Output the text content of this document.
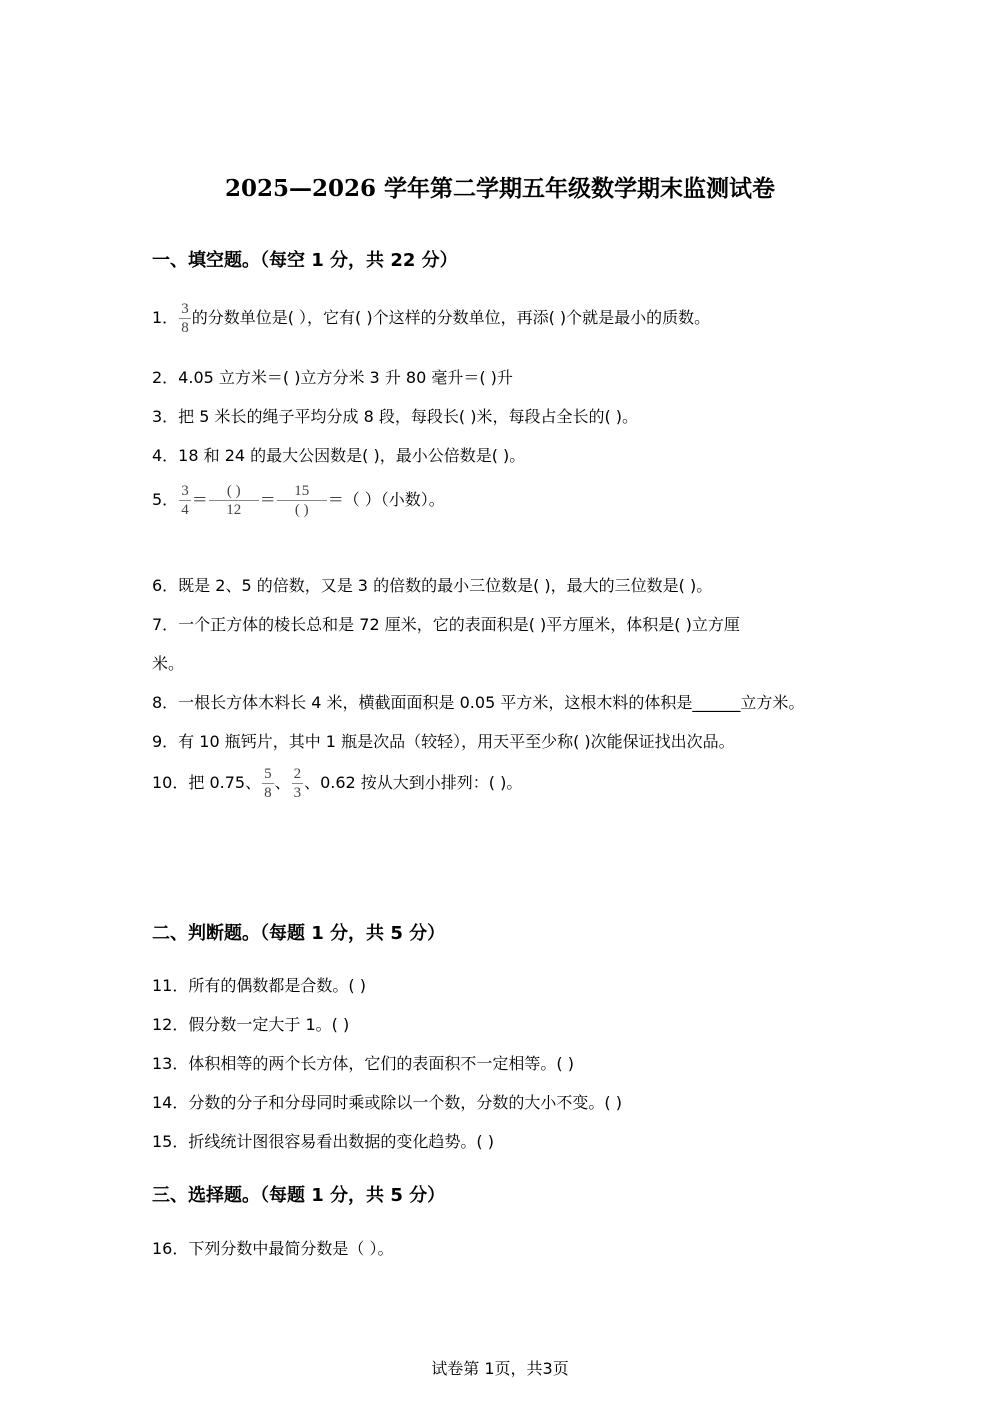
2025—2026 学年第二学期五年级数学期末监测试卷
一、填空题。（每空 1 分，共 22 分）
1． $\frac{3}{8}$ 的分数单位是( ），它有( )个这样的分数单位，再添( )个就是最小的质数。
2．4.05 立方米＝( )立方分米 3 升 80 毫升＝( )升
3．把 5 米长的绳子平均分成 8 段，每段长( )米，每段占全长的( )。
4．18 和 24 的最大公因数是( )，最小公倍数是( )。
5． $\frac{3}{4} = \frac{( )}{12} = \frac{15}{( )}$ ＝（ ）（小数）。
6．既是 2、5 的倍数，又是 3 的倍数的最小三位数是( )，最大的三位数是( )。
7．一个正方体的棱长总和是 72 厘米，它的表面积是( )平方厘米，体积是( )立方厘
米。
8．一根长方体木料长 4 米，横截面面积是 0.05 平方米，这根木料的体积是______立方米。
9．有 10 瓶钙片，其中 1 瓶是次品（较轻），用天平至少称( )次能保证找出次品。
10．把 0.75、 $\frac{5}{8}$ 、 $\frac{2}{3}$ 、0.62 按从大到小排列：( )。
二、判断题。（每题 1 分，共 5 分）
11．所有的偶数都是合数。( )
12．假分数一定大于 1。( )
13．体积相等的两个长方体，它们的表面积不一定相等。( )
14．分数的分子和分母同时乘或除以一个数，分数的大小不变。( )
15．折线统计图很容易看出数据的变化趋势。( )
三、选择题。（每题 1 分，共 5 分）
16．下列分数中最简分数是（ ）。
试卷第 1页，共3页
